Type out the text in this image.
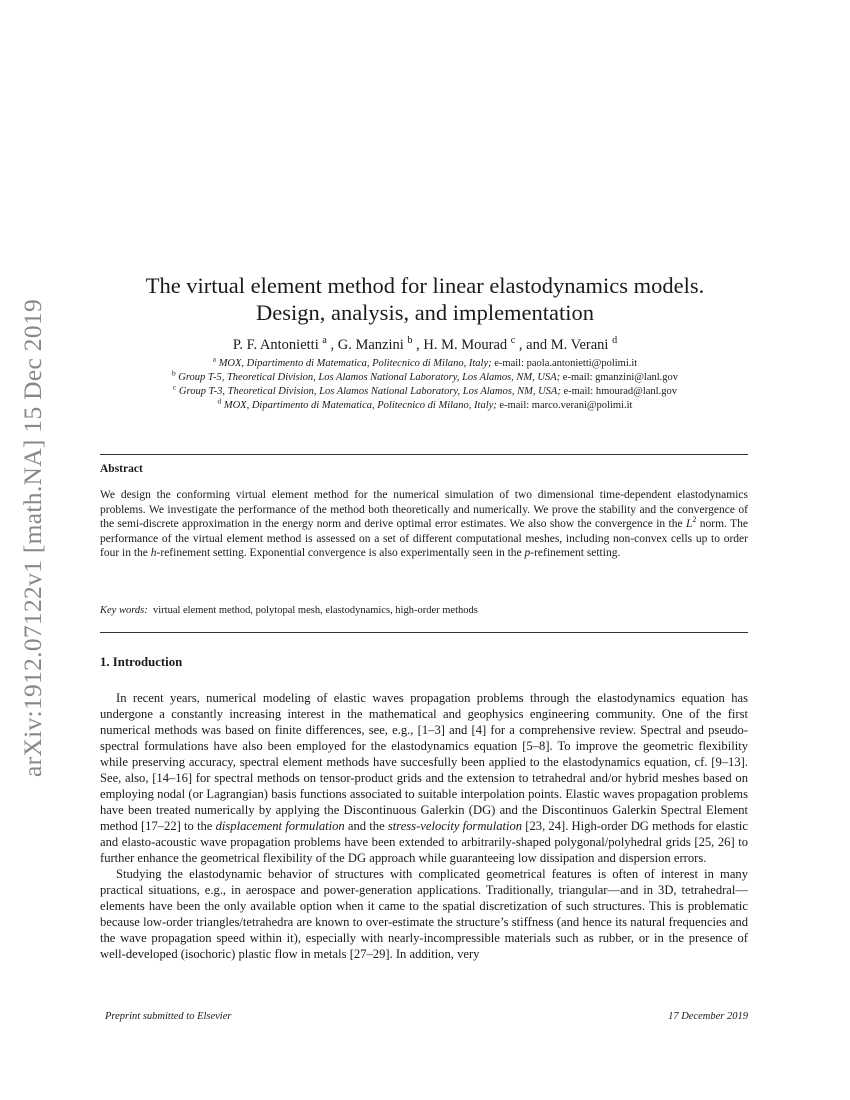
arXiv:1912.07122v1 [math.NA] 15 Dec 2019
The virtual element method for linear elastodynamics models.
Design, analysis, and implementation
P. F. Antonietti $^a$ , G. Manzini $^b$ , H. M. Mourad $^c$ , and M. Verani $^d$
$^a$ MOX, Dipartimento di Matematica, Politecnico di Milano, Italy; e-mail: paola.antonietti@polimi.it
$^b$ Group T-5, Theoretical Division, Los Alamos National Laboratory, Los Alamos, NM, USA; e-mail: gmanzini@lanl.gov
$^c$ Group T-3, Theoretical Division, Los Alamos National Laboratory, Los Alamos, NM, USA; e-mail: hmourad@lanl.gov
$^d$ MOX, Dipartimento di Matematica, Politecnico di Milano, Italy; e-mail: marco.verani@polimi.it
Abstract
We design the conforming virtual element method for the numerical simulation of two dimensional time-dependent elastodynamics problems. We investigate the performance of the method both theoretically and numerically. We prove the stability and the convergence of the semi-discrete approximation in the energy norm and derive optimal error estimates. We also show the convergence in the $L^2$ norm. The performance of the virtual element method is assessed on a set of different computational meshes, including non-convex cells up to order four in the h-refinement setting. Exponential convergence is also experimentally seen in the p-refinement setting.
Key words: virtual element method, polytopal mesh, elastodynamics, high-order methods
1. Introduction

In recent years, numerical modeling of elastic waves propagation problems through the elastodynamics equation has undergone a constantly increasing interest in the mathematical and geophysics engineering community. One of the first numerical methods was based on finite differences, see, e.g., [1–3] and [4] for a comprehensive review. Spectral and pseudo-spectral formulations have also been employed for the elastodynamics equation [5–8]. To improve the geometric flexibility while preserving accuracy, spectral element methods have succesfully been applied to the elastodynamics equation, cf. [9–13]. See, also, [14–16] for spectral methods on tensor-product grids and the extension to tetrahedral and/or hybrid meshes based on employing nodal (or Lagrangian) basis functions associated to suitable interpolation points. Elastic waves propagation problems have been treated numerically by applying the Discontinuous Galerkin (DG) and the Discontinuos Galerkin Spectral Element method [17–22] to the displacement formulation and the stress-velocity formulation [23, 24]. High-order DG methods for elastic and elasto-acoustic wave propagation problems have been extended to arbitrarily-shaped polygonal/polyhedral grids [25, 26] to further enhance the geometrical flexibility of the DG approach while guaranteeing low dissipation and dispersion errors.

Studying the elastodynamic behavior of structures with complicated geometrical features is often of interest in many practical situations, e.g., in aerospace and power-generation applications. Traditionally, triangular—and in 3D, tetrahedral—elements have been the only available option when it came to the spatial discretization of such structures. This is problematic because low-order triangles/tetrahedra are known to over-estimate the structure’s stiffness (and hence its natural frequencies and the wave propagation speed within it), especially with nearly-incompressible materials such as rubber, or in the presence of well-developed (isochoric) plastic flow in metals [27–29]. In addition, very

Preprint submitted to Elsevier	17 December 2019
